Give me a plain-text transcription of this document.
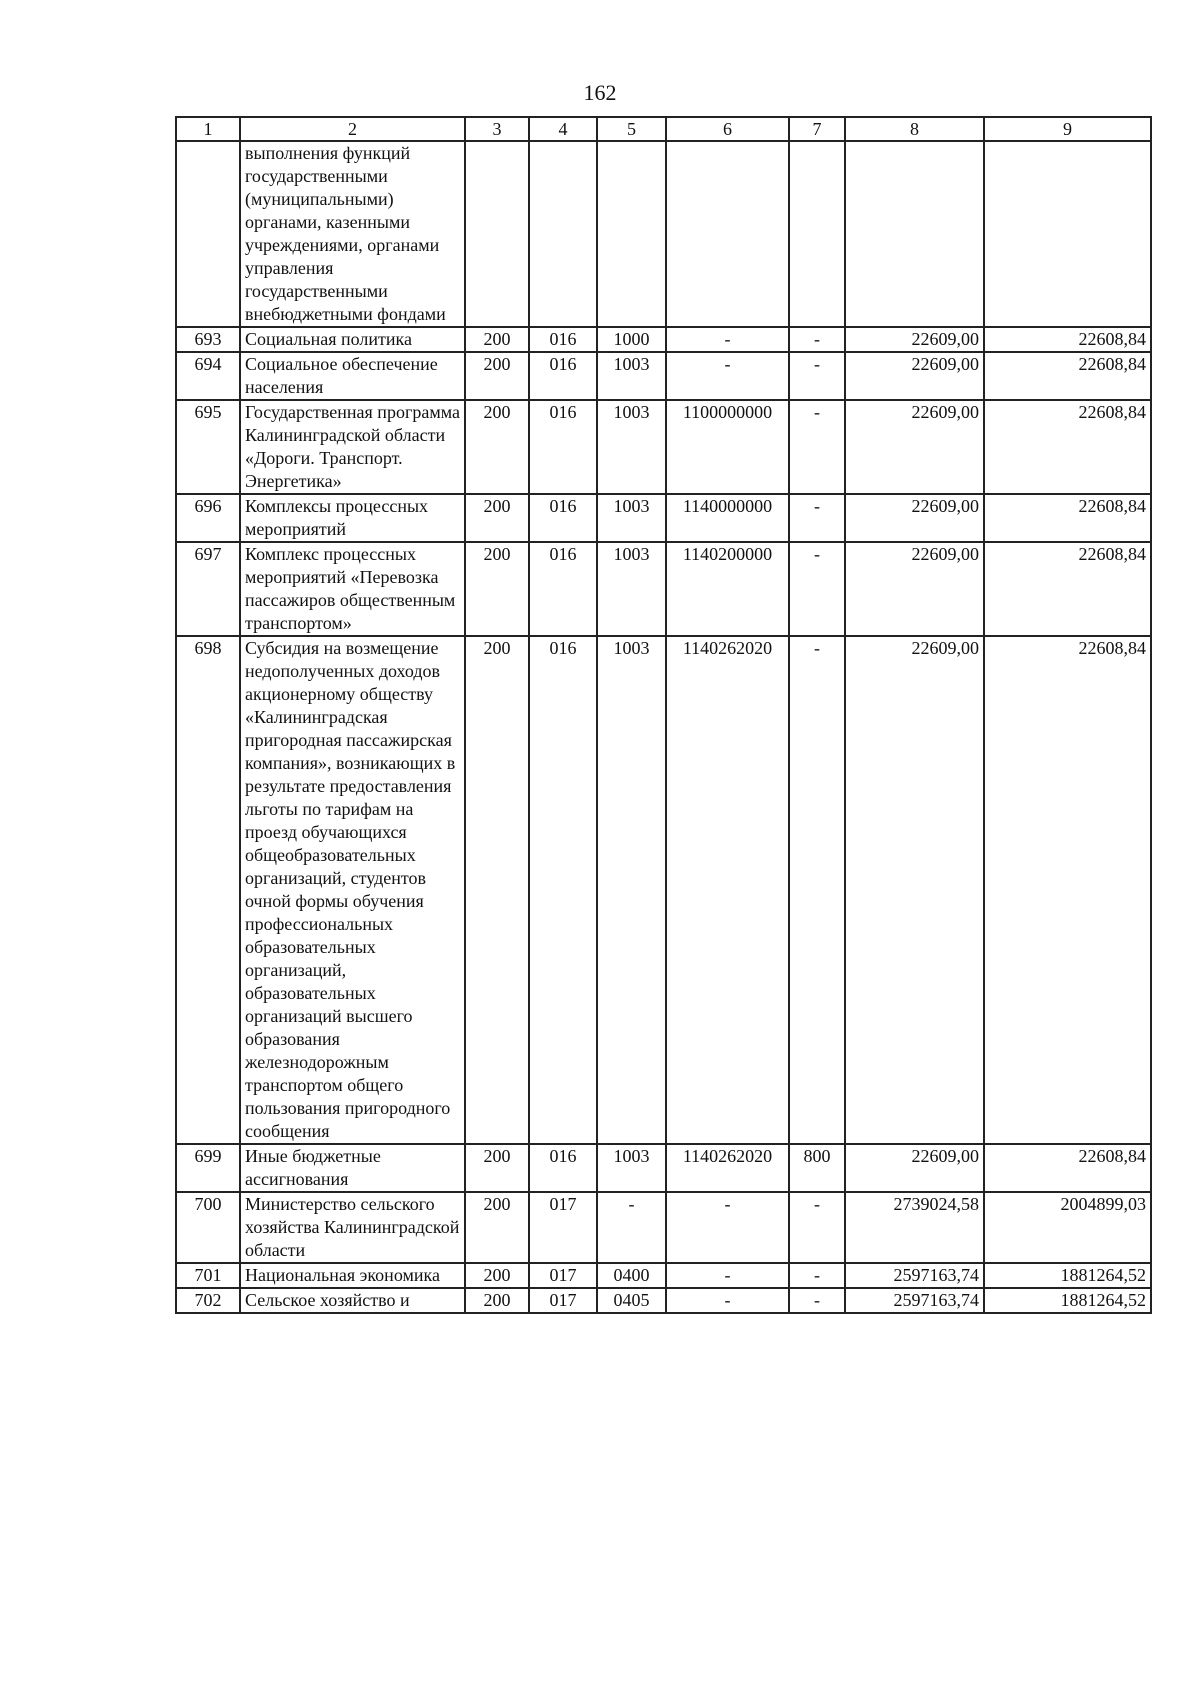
162
1	2	3	4	5	6	7	8	9
	выполнения функций государственными (муниципальными) органами, казенными учреждениями, органами управления государственными внебюджетными фондами							
693	Социальная политика	200	016	1000	-	-	22609,00	22608,84
694	Социальное обеспечение населения	200	016	1003	-	-	22609,00	22608,84
695	Государственная программа Калининградской области «Дороги. Транспорт. Энергетика»	200	016	1003	1100000000	-	22609,00	22608,84
696	Комплексы процессных мероприятий	200	016	1003	1140000000	-	22609,00	22608,84
697	Комплекс процессных мероприятий «Перевозка пассажиров общественным транспортом»	200	016	1003	1140200000	-	22609,00	22608,84
698	Субсидия на возмещение недополученных доходов акционерному обществу «Калининградская пригородная пассажирская компания», возникающих в результате предоставления льготы по тарифам на проезд обучающихся общеобразовательных организаций, студентов очной формы обучения профессиональных образовательных организаций, образовательных организаций высшего образования железнодорожным транспортом общего пользования пригородного сообщения	200	016	1003	1140262020	-	22609,00	22608,84
699	Иные бюджетные ассигнования	200	016	1003	1140262020	800	22609,00	22608,84
700	Министерство сельского хозяйства Калининградской области	200	017	-	-	-	2739024,58	2004899,03
701	Национальная экономика	200	017	0400	-	-	2597163,74	1881264,52
702	Сельское хозяйство и	200	017	0405	-	-	2597163,74	1881264,52
